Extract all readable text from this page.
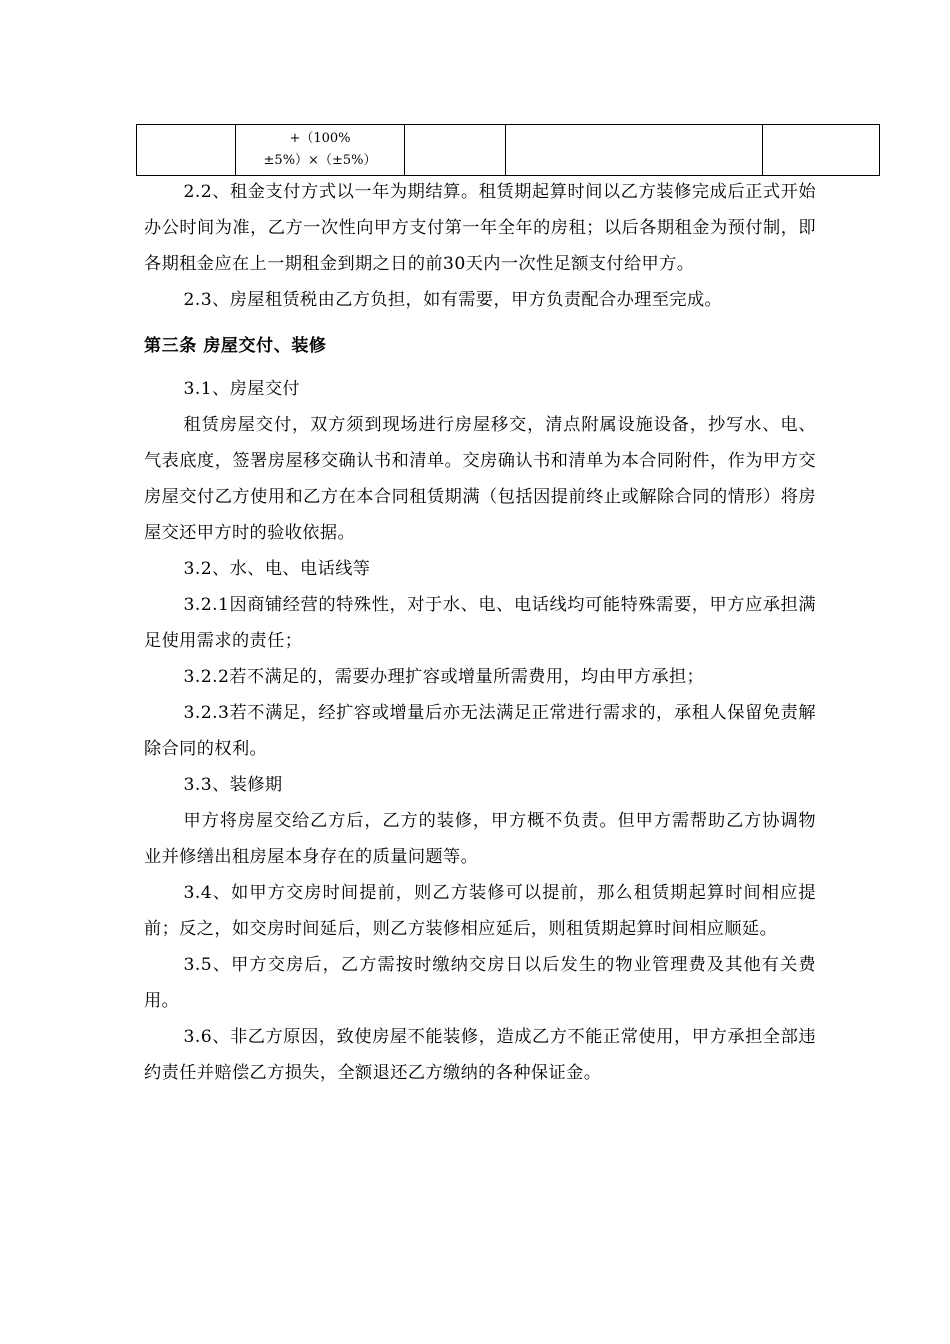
+（100%
±5%）×（±5%）

2.2、租金支付方式以一年为期结算。租赁期起算时间以乙方装修完成后正式开始办公时间为准，乙方一次性向甲方支付第一年全年的房租；以后各期租金为预付制，即各期租金应在上一期租金到期之日的前30天内一次性足额支付给甲方。

2.3、房屋租赁税由乙方负担，如有需要，甲方负责配合办理至完成。

第三条 房屋交付、装修

3.1、房屋交付

租赁房屋交付，双方须到现场进行房屋移交，清点附属设施设备，抄写水、电、气表底度，签署房屋移交确认书和清单。交房确认书和清单为本合同附件，作为甲方交房屋交付乙方使用和乙方在本合同租赁期满（包括因提前终止或解除合同的情形）将房屋交还甲方时的验收依据。

3.2、水、电、电话线等

3.2.1因商铺经营的特殊性，对于水、电、电话线均可能特殊需要，甲方应承担满足使用需求的责任；

3.2.2若不满足的，需要办理扩容或增量所需费用，均由甲方承担；

3.2.3若不满足，经扩容或增量后亦无法满足正常进行需求的，承租人保留免责解除合同的权利。

3.3、装修期

甲方将房屋交给乙方后，乙方的装修，甲方概不负责。但甲方需帮助乙方协调物业并修缮出租房屋本身存在的质量问题等。

3.4、如甲方交房时间提前，则乙方装修可以提前，那么租赁期起算时间相应提前；反之，如交房时间延后，则乙方装修相应延后，则租赁期起算时间相应顺延。

3.5、甲方交房后，乙方需按时缴纳交房日以后发生的物业管理费及其他有关费用。

3.6、非乙方原因，致使房屋不能装修，造成乙方不能正常使用，甲方承担全部违约责任并赔偿乙方损失，全额退还乙方缴纳的各种保证金。
